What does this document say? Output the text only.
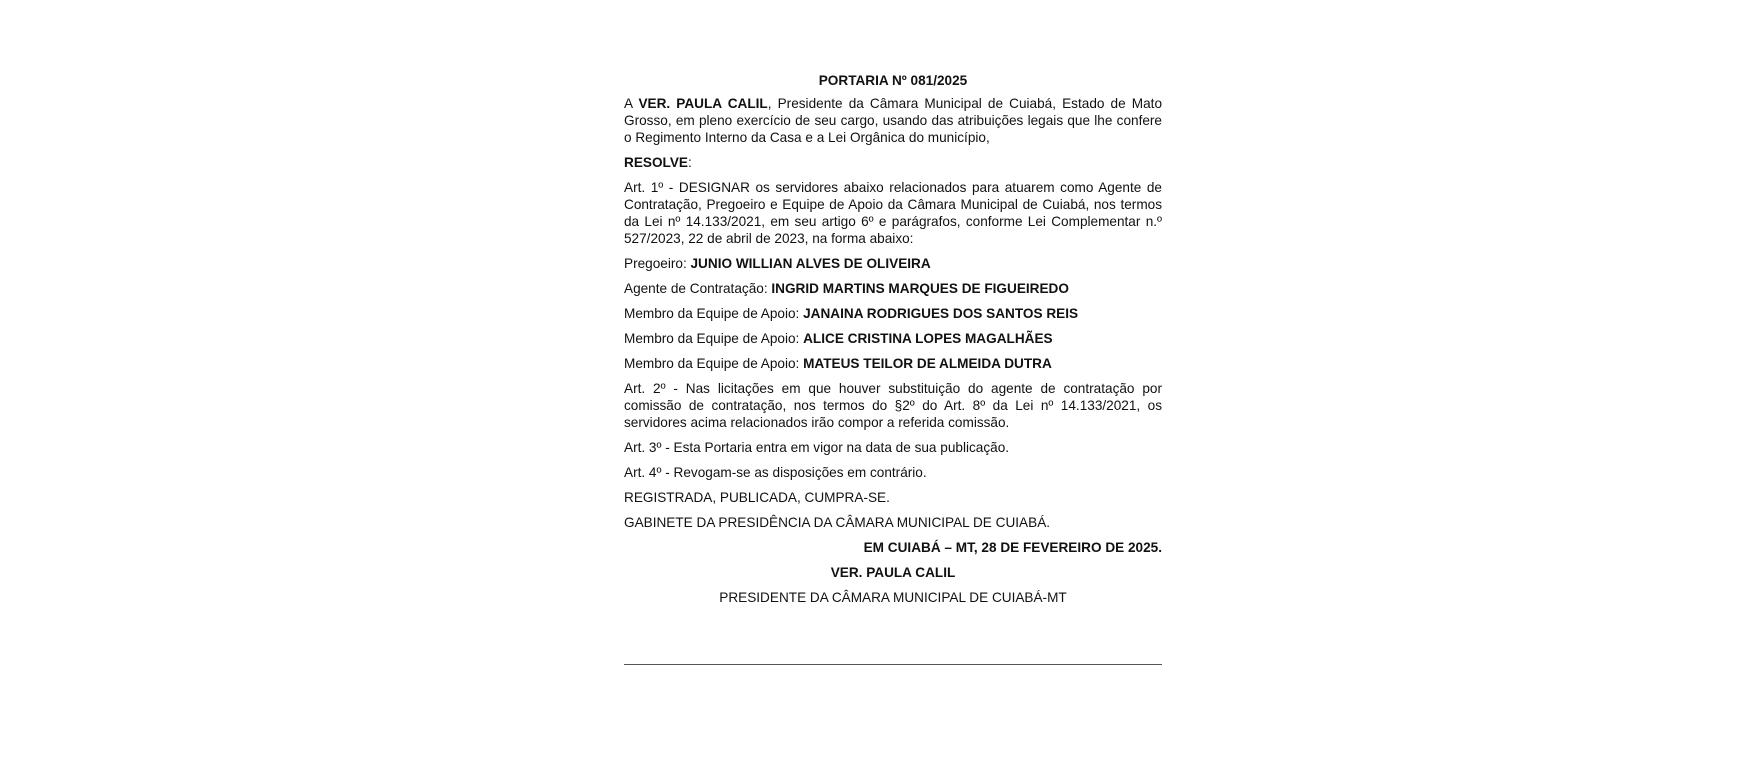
PORTARIA Nº 081/2025
A VER. PAULA CALIL, Presidente da Câmara Municipal de Cuiabá, Estado de Mato Grosso, em pleno exercício de seu cargo, usando das atribuições legais que lhe confere o Regimento Interno da Casa e a Lei Orgânica do município,
RESOLVE:
Art. 1º - DESIGNAR os servidores abaixo relacionados para atuarem como Agente de Contratação, Pregoeiro e Equipe de Apoio da Câmara Municipal de Cuiabá, nos termos da Lei nº 14.133/2021, em seu artigo 6º e parágrafos, conforme Lei Complementar n.º 527/2023, 22 de abril de 2023, na forma abaixo:
Pregoeiro: JUNIO WILLIAN ALVES DE OLIVEIRA
Agente de Contratação: INGRID MARTINS MARQUES DE FIGUEIREDO
Membro da Equipe de Apoio: JANAINA RODRIGUES DOS SANTOS REIS
Membro da Equipe de Apoio: ALICE CRISTINA LOPES MAGALHÃES
Membro da Equipe de Apoio: MATEUS TEILOR DE ALMEIDA DUTRA
Art. 2º - Nas licitações em que houver substituição do agente de contratação por comissão de contratação, nos termos do §2º do Art. 8º da Lei nº 14.133/2021, os servidores acima relacionados irão compor a referida comissão.
Art. 3º - Esta Portaria entra em vigor na data de sua publicação.
Art. 4º - Revogam-se as disposições em contrário.
REGISTRADA, PUBLICADA, CUMPRA-SE.
GABINETE DA PRESIDÊNCIA DA CÂMARA MUNICIPAL DE CUIABÁ.
EM CUIABÁ – MT, 28 DE FEVEREIRO DE 2025.
VER. PAULA CALIL
PRESIDENTE DA CÂMARA MUNICIPAL DE CUIABÁ-MT
